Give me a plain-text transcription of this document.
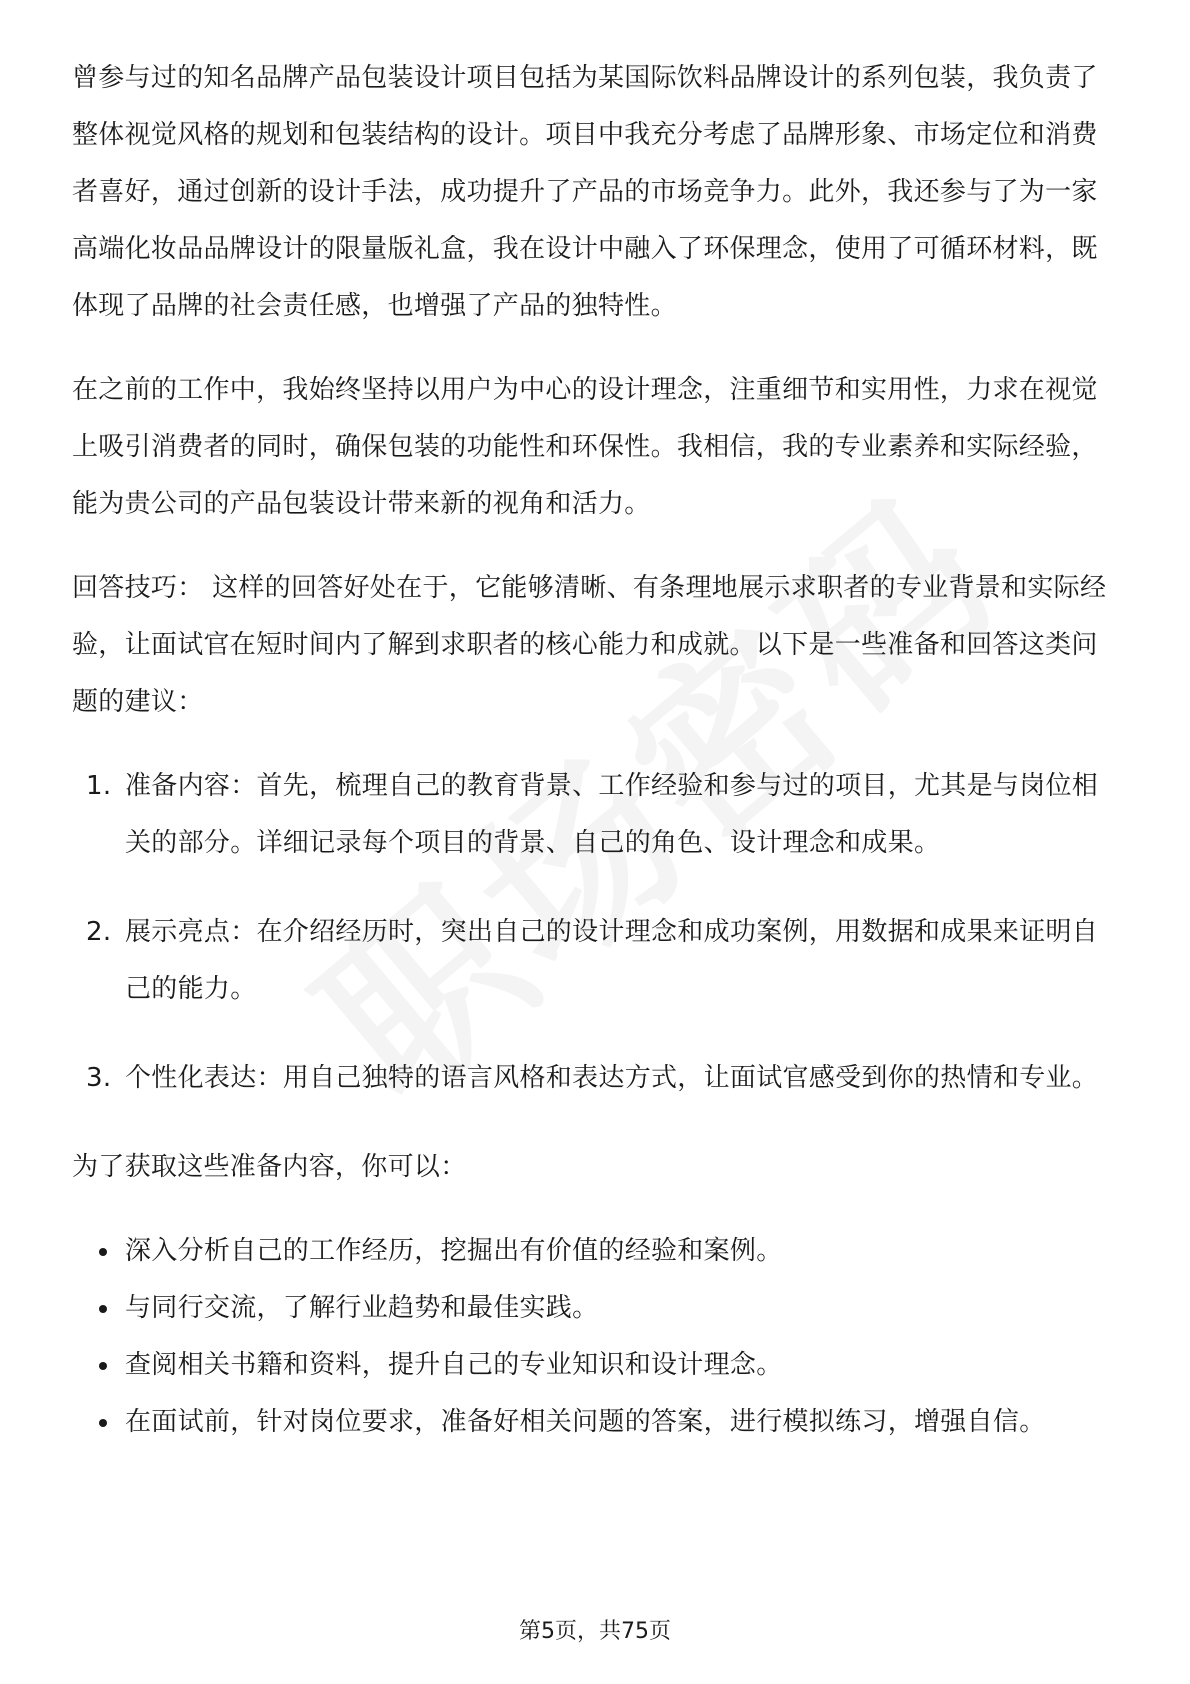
曾参与过的知名品牌产品包装设计项目包括为某国际饮料品牌设计的系列包装，我负责了整体视觉风格的规划和包装结构的设计。项目中我充分考虑了品牌形象、市场定位和消费者喜好，通过创新的设计手法，成功提升了产品的市场竞争力。此外，我还参与了为一家高端化妆品品牌设计的限量版礼盒，我在设计中融入了环保理念，使用了可循环材料，既体现了品牌的社会责任感，也增强了产品的独特性。

在之前的工作中，我始终坚持以用户为中心的设计理念，注重细节和实用性，力求在视觉上吸引消费者的同时，确保包装的功能性和环保性。我相信，我的专业素养和实际经验，能为贵公司的产品包装设计带来新的视角和活力。

回答技巧： 这样的回答好处在于，它能够清晰、有条理地展示求职者的专业背景和实际经验，让面试官在短时间内了解到求职者的核心能力和成就。以下是一些准备和回答这类问题的建议：

1. 准备内容：首先，梳理自己的教育背景、工作经验和参与过的项目，尤其是与岗位相关的部分。详细记录每个项目的背景、自己的角色、设计理念和成果。
2. 展示亮点：在介绍经历时，突出自己的设计理念和成功案例，用数据和成果来证明自己的能力。
3. 个性化表达：用自己独特的语言风格和表达方式，让面试官感受到你的热情和专业。

为了获取这些准备内容，你可以：

深入分析自己的工作经历，挖掘出有价值的经验和案例。
与同行交流，了解行业趋势和最佳实践。
查阅相关书籍和资料，提升自己的专业知识和设计理念。
在面试前，针对岗位要求，准备好相关问题的答案，进行模拟练习，增强自信。
第5页，共75页
